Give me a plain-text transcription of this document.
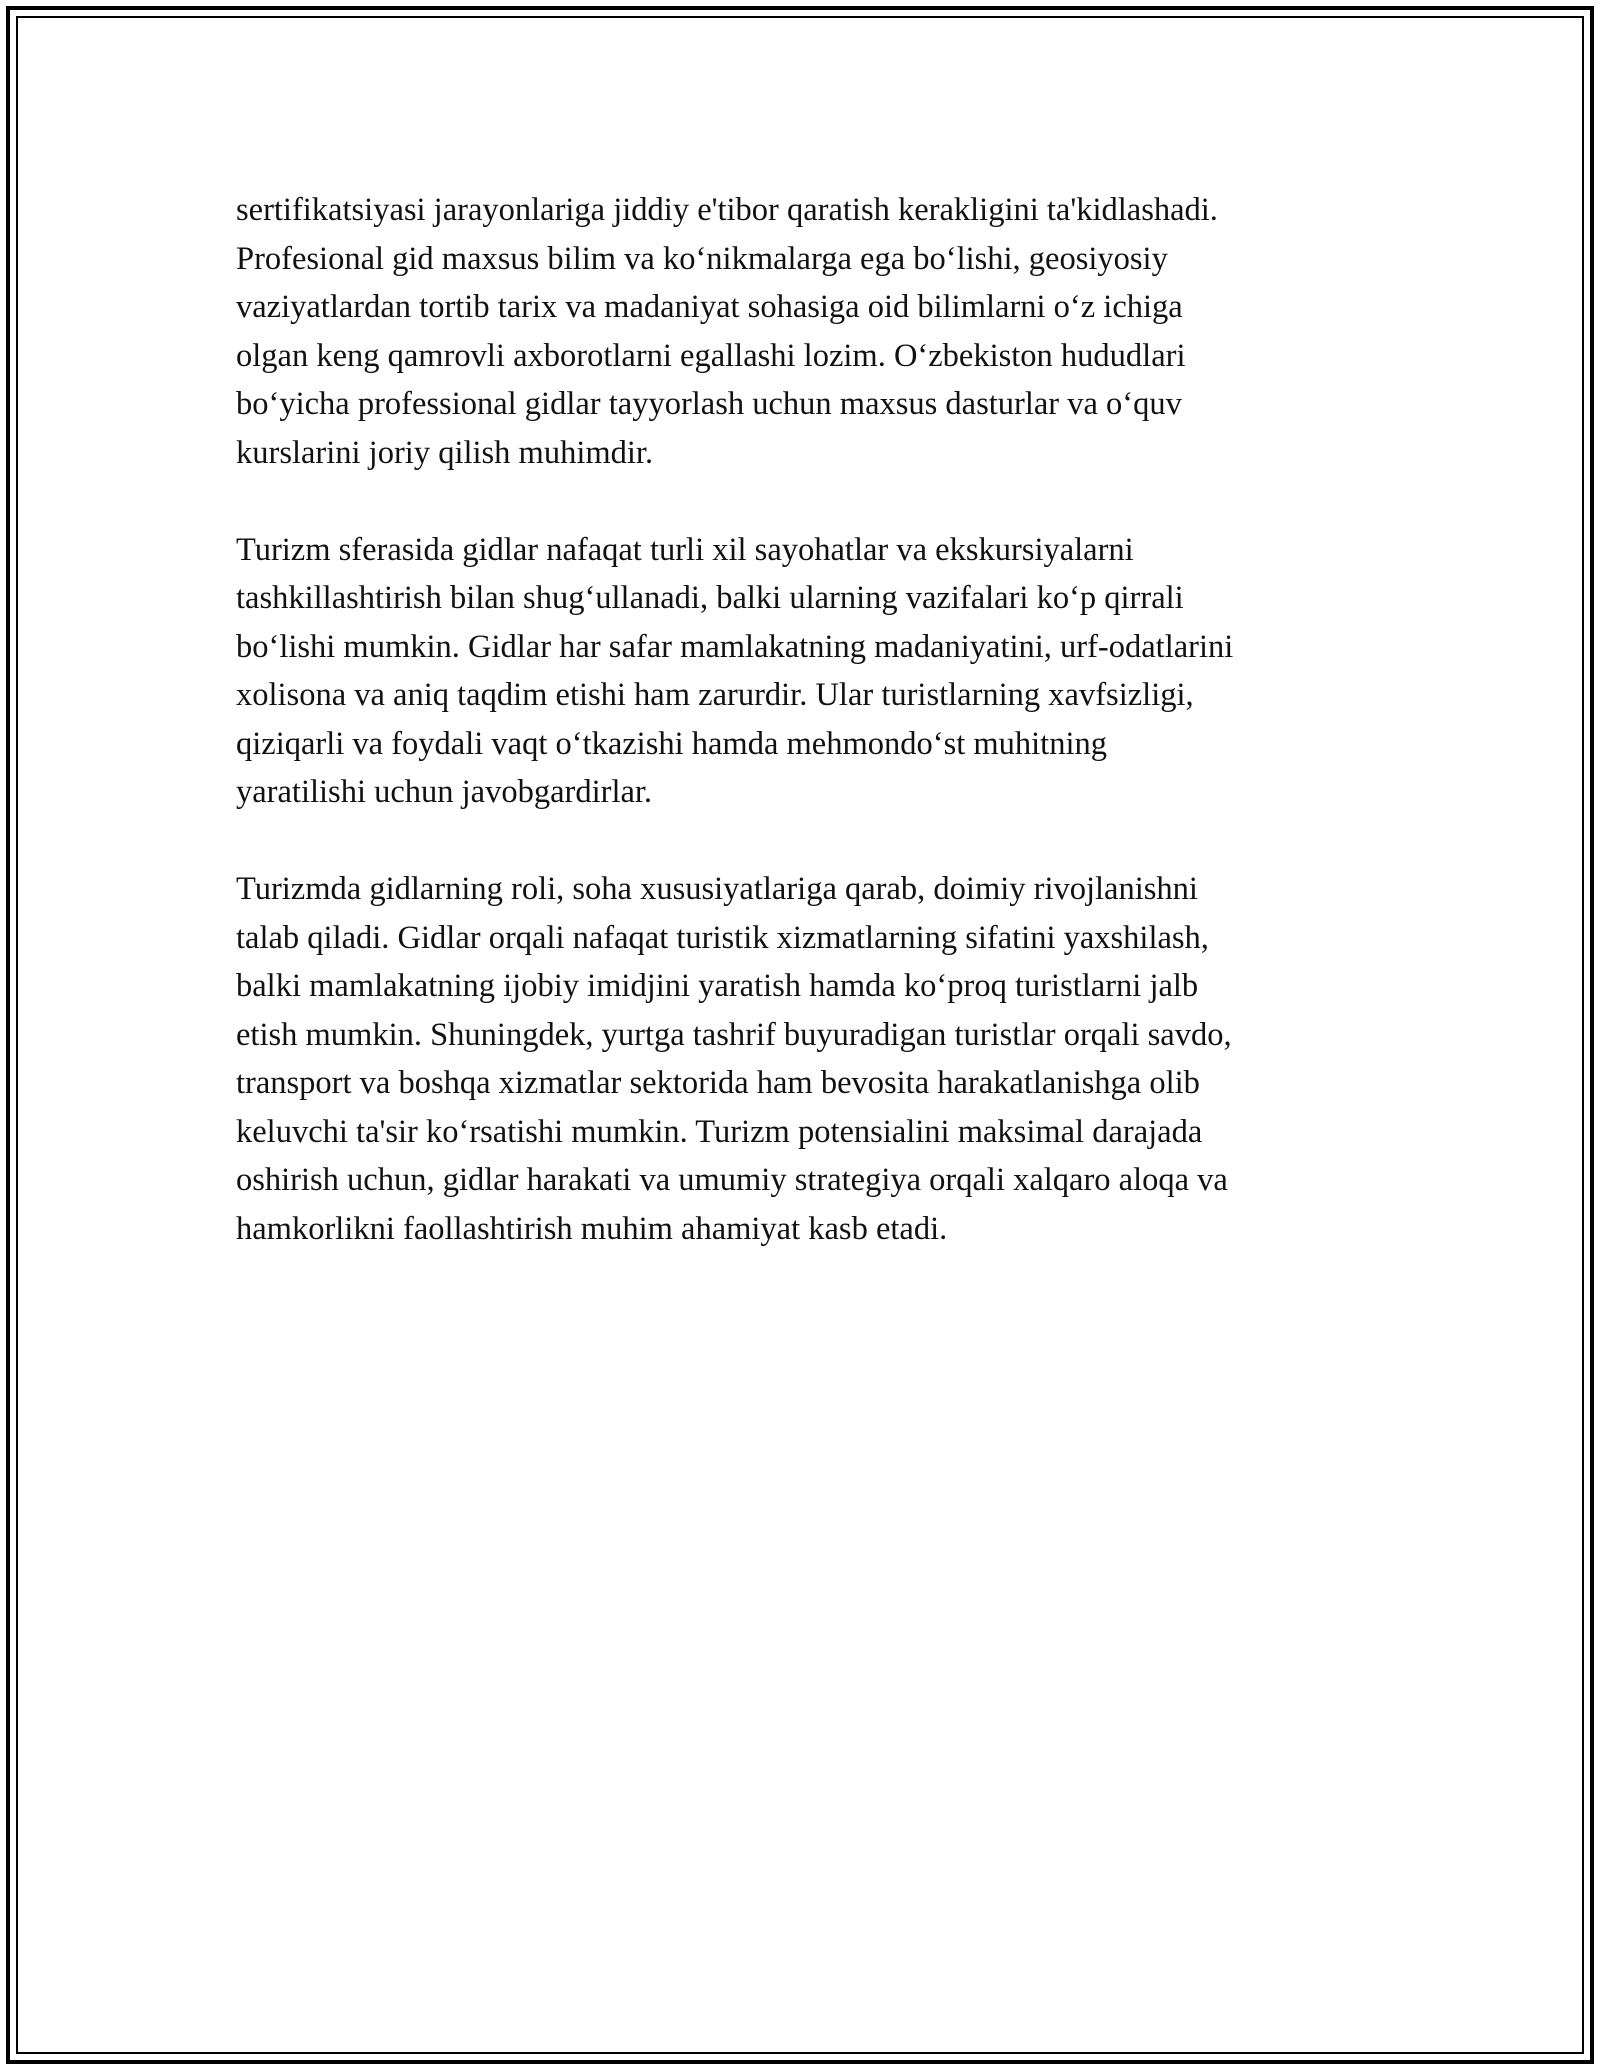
sertifikatsiyasi jarayonlariga jiddiy e'tibor qaratish kerakligini ta'kidlashadi.
Profesional gid maxsus bilim va ko‘nikmalarga ega bo‘lishi, geosiyosiy
vaziyatlardan tortib tarix va madaniyat sohasiga oid bilimlarni o‘z ichiga
olgan keng qamrovli axborotlarni egallashi lozim. O‘zbekiston hududlari
bo‘yicha professional gidlar tayyorlash uchun maxsus dasturlar va o‘quv
kurslarini joriy qilish muhimdir.

Turizm sferasida gidlar nafaqat turli xil sayohatlar va ekskursiyalarni
tashkillashtirish bilan shug‘ullanadi, balki ularning vazifalari ko‘p qirrali
bo‘lishi mumkin. Gidlar har safar mamlakatning madaniyatini, urf-odatlarini
xolisona va aniq taqdim etishi ham zarurdir. Ular turistlarning xavfsizligi,
qiziqarli va foydali vaqt o‘tkazishi hamda mehmondo‘st muhitning
yaratilishi uchun javobgardirlar.

Turizmda gidlarning roli, soha xususiyatlariga qarab, doimiy rivojlanishni
talab qiladi. Gidlar orqali nafaqat turistik xizmatlarning sifatini yaxshilash,
balki mamlakatning ijobiy imidjini yaratish hamda ko‘proq turistlarni jalb
etish mumkin. Shuningdek, yurtga tashrif buyuradigan turistlar orqali savdo,
transport va boshqa xizmatlar sektorida ham bevosita harakatlanishga olib
keluvchi ta'sir ko‘rsatishi mumkin. Turizm potensialini maksimal darajada
oshirish uchun, gidlar harakati va umumiy strategiya orqali xalqaro aloqa va
hamkorlikni faollashtirish muhim ahamiyat kasb etadi.
